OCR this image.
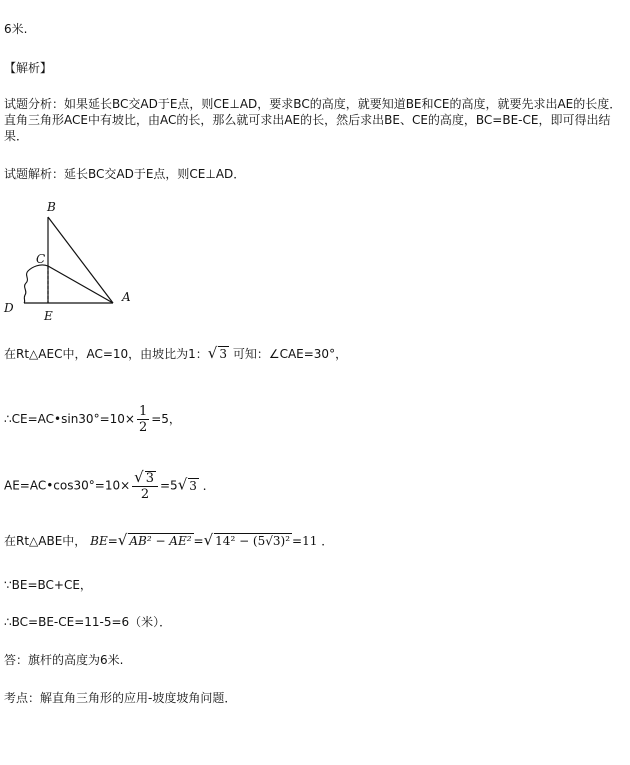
6米.
【解析】
试题分析：如果延长BC交AD于E点，则CE⊥AD，要求BC的高度，就要知道BE和CE的高度，就要先求出AE的长度．直角三角形ACE中有坡比，由AC的长，那么就可求出AE的长，然后求出BE、CE的高度，BC=BE-CE，即可得出结果．
试题解析：延长BC交AD于E点，则CE⊥AD．
B
C
D
E
A
在Rt△AEC中，AC=10，由坡比为1：√ 3 可知：∠CAE=30°，
∴CE=AC•sin30°=10× $\frac{1}{2} =5$，
AE=AC•cos30°=10× $\frac{√ 3}{2} =5√$ 3 ．
在Rt△ABE中， BE=√ AB² − AE² =√ 14² − (5√3)² =11 ．
∵BE=BC+CE，
∴BC=BE-CE=11-5=6（米）．
答：旗杆的高度为6米.
考点：解直角三角形的应用-坡度坡角问题．
